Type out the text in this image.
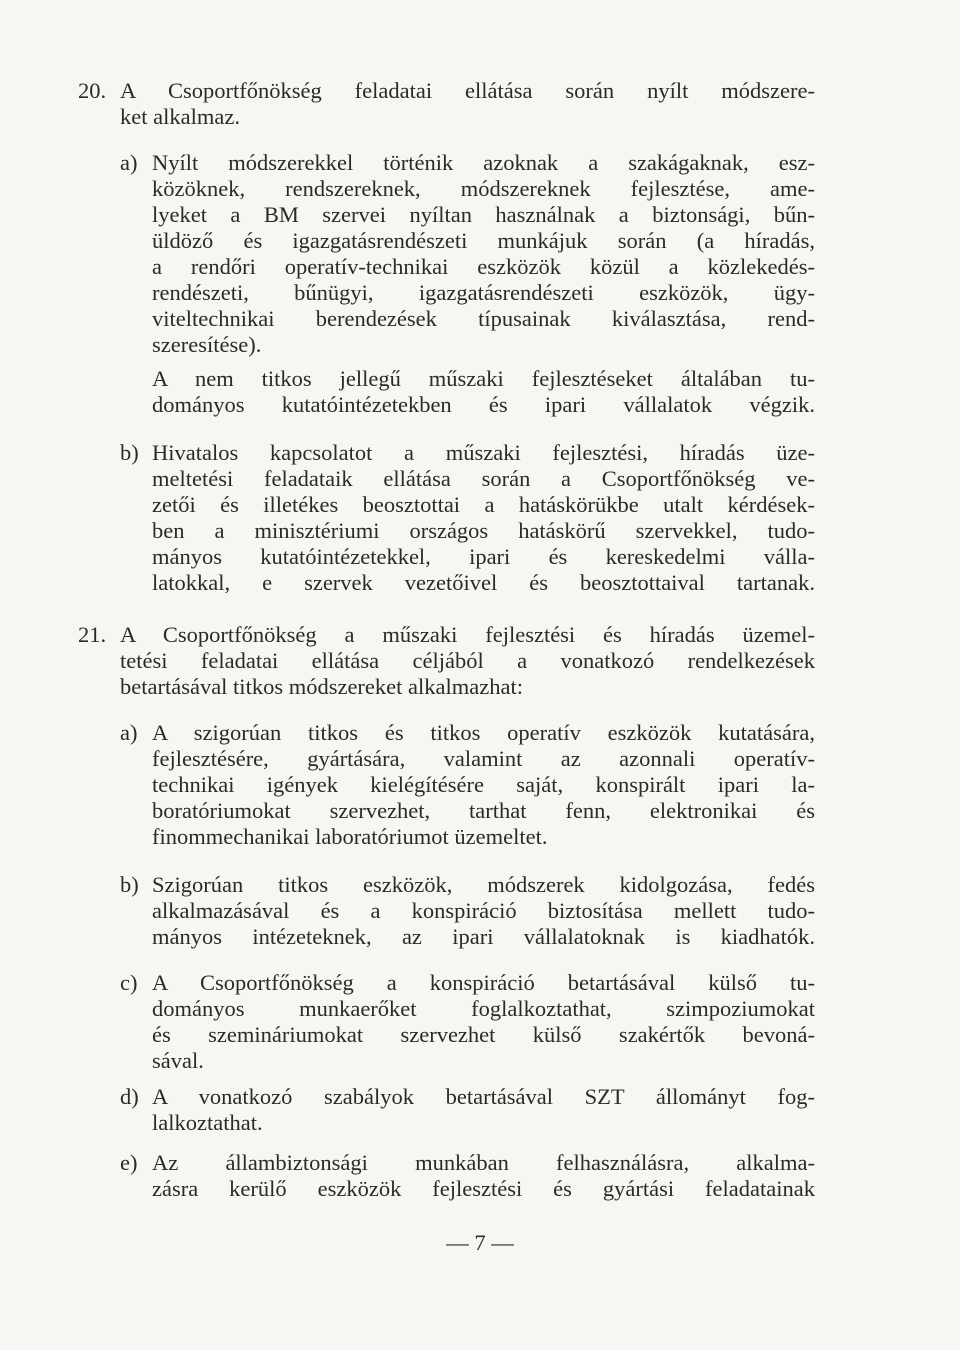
20. A Csoportfőnökség feladatai ellátása során nyílt módszere-
ket alkalmaz.
a) Nyílt módszerekkel történik azoknak a szakágaknak, esz-
közöknek, rendszereknek, módszereknek fejlesztése, ame-
lyeket a BM szervei nyíltan használnak a biztonsági, bűn-
üldöző és igazgatásrendészeti munkájuk során (a híradás,
a rendőri operatív-technikai eszközök közül a közlekedés-
rendészeti, bűnügyi, igazgatásrendészeti eszközök, ügy-
viteltechnikai berendezések típusainak kiválasztása, rend-
szeresítése).
A nem titkos jellegű műszaki fejlesztéseket általában tu-
dományos kutatóintézetekben és ipari vállalatok végzik.
b) Hivatalos kapcsolatot a műszaki fejlesztési, híradás üze-
meltetési feladataik ellátása során a Csoportfőnökség ve-
zetői és illetékes beosztottai a hatáskörükbe utalt kérdések-
ben a minisztériumi országos hatáskörű szervekkel, tudo-
mányos kutatóintézetekkel, ipari és kereskedelmi válla-
latokkal, e szervek vezetőivel és beosztottaival tartanak.
21. A Csoportfőnökség a műszaki fejlesztési és híradás üzemel-
tetési feladatai ellátása céljából a vonatkozó rendelkezések
betartásával titkos módszereket alkalmazhat:
a) A szigorúan titkos és titkos operatív eszközök kutatására,
fejlesztésére, gyártására, valamint az azonnali operatív-
technikai igények kielégítésére saját, konspirált ipari la-
boratóriumokat szervezhet, tarthat fenn, elektronikai és
finommechanikai laboratóriumot üzemeltet.
b) Szigorúan titkos eszközök, módszerek kidolgozása, fedés
alkalmazásával és a konspiráció biztosítása mellett tudo-
mányos intézeteknek, az ipari vállalatoknak is kiadhatók.
c) A Csoportfőnökség a konspiráció betartásával külső tu-
dományos munkaerőket foglalkoztathat, szimpoziumokat
és szemináriumokat szervezhet külső szakértők bevoná-
sával.
d) A vonatkozó szabályok betartásával SZT állományt fog-
lalkoztathat.
e) Az állambiztonsági munkában felhasználásra, alkalma-
zásra kerülő eszközök fejlesztési és gyártási feladatainak
— 7 —
